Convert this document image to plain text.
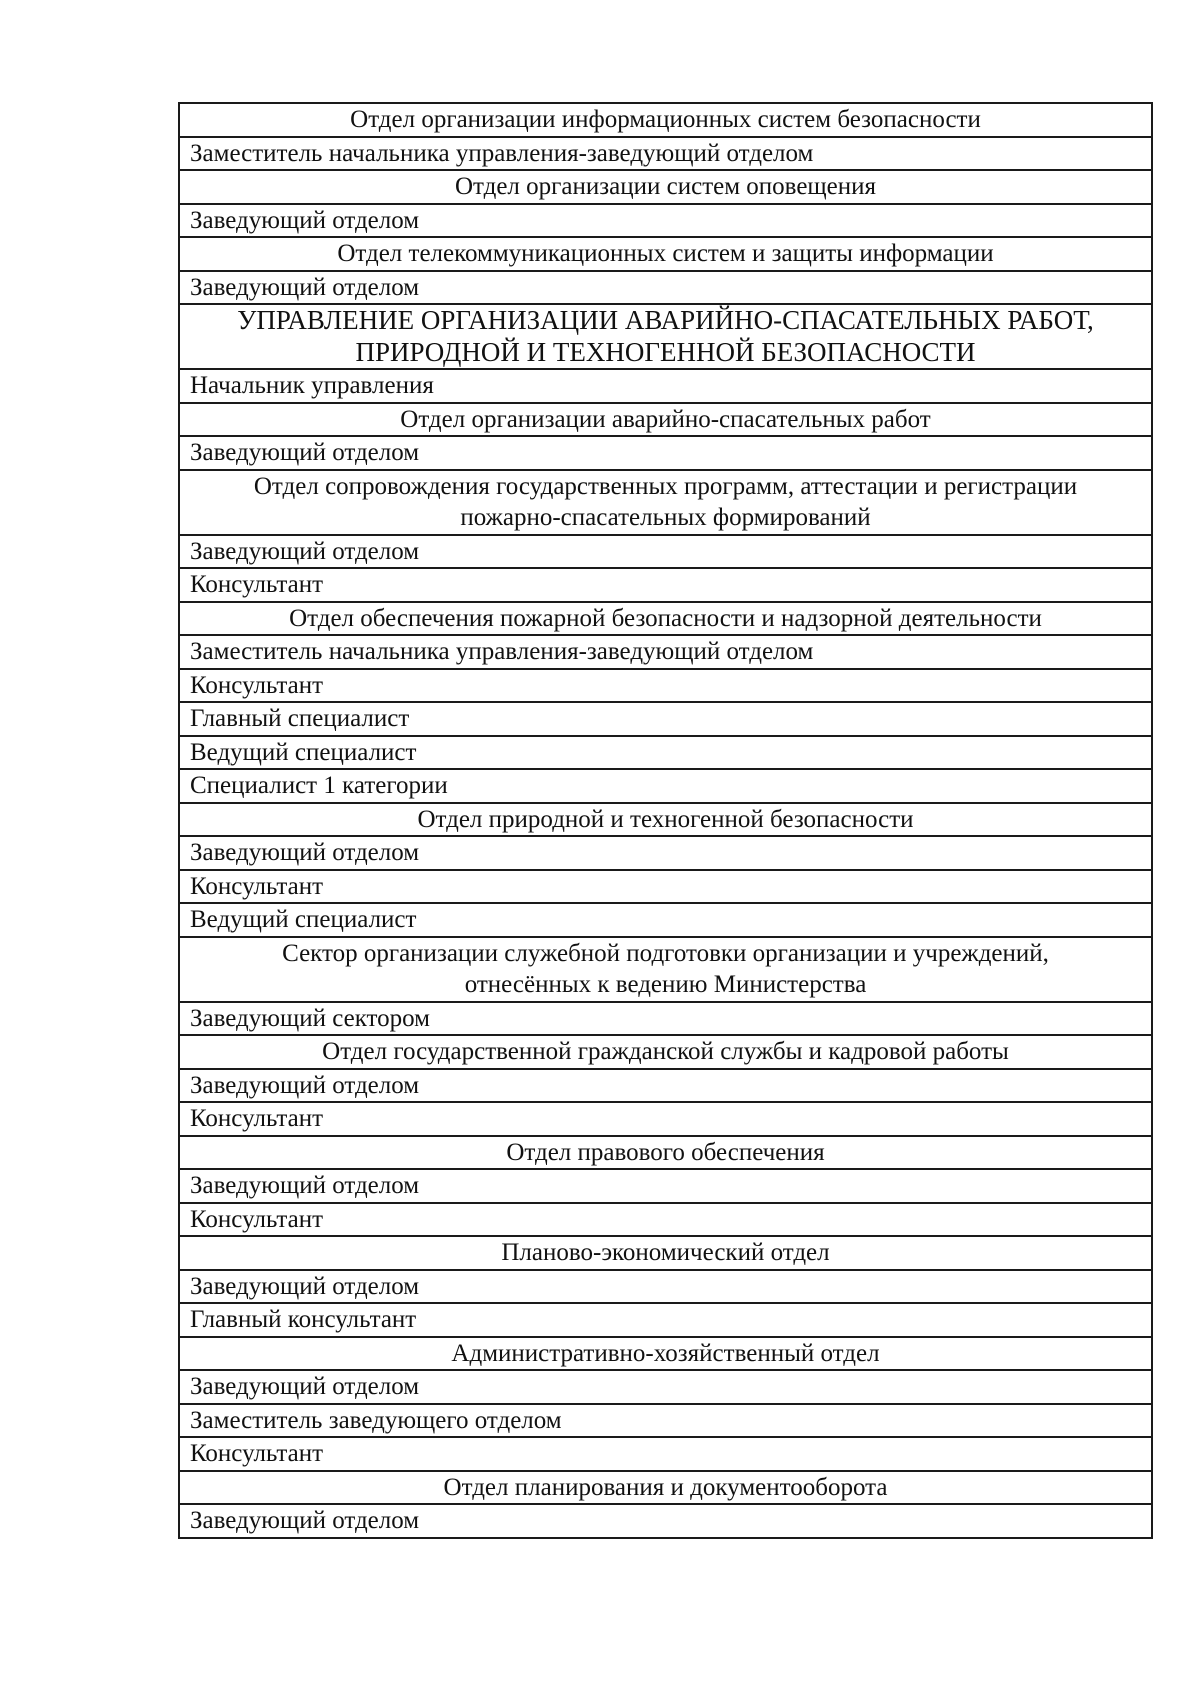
Отдел организации информационных систем безопасности
Заместитель начальника управления-заведующий отделом
Отдел организации систем оповещения
Заведующий отделом
Отдел телекоммуникационных систем и защиты информации
Заведующий отделом
УПРАВЛЕНИЕ ОРГАНИЗАЦИИ АВАРИЙНО-СПАСАТЕЛЬНЫХ РАБОТ,
ПРИРОДНОЙ И ТЕХНОГЕННОЙ БЕЗОПАСНОСТИ
Начальник управления
Отдел организации аварийно-спасательных работ
Заведующий отделом
Отдел сопровождения государственных программ, аттестации и регистрации
пожарно-спасательных формирований
Заведующий отделом
Консультант
Отдел обеспечения пожарной безопасности и надзорной деятельности
Заместитель начальника управления-заведующий отделом
Консультант
Главный специалист
Ведущий специалист
Специалист 1 категории
Отдел природной и техногенной безопасности
Заведующий отделом
Консультант
Ведущий специалист
Сектор организации служебной подготовки организации и учреждений,
отнесённых к ведению Министерства
Заведующий сектором
Отдел государственной гражданской службы и кадровой работы
Заведующий отделом
Консультант
Отдел правового обеспечения
Заведующий отделом
Консультант
Планово-экономический отдел
Заведующий отделом
Главный консультант
Административно-хозяйственный отдел
Заведующий отделом
Заместитель заведующего отделом
Консультант
Отдел планирования и документооборота
Заведующий отделом
